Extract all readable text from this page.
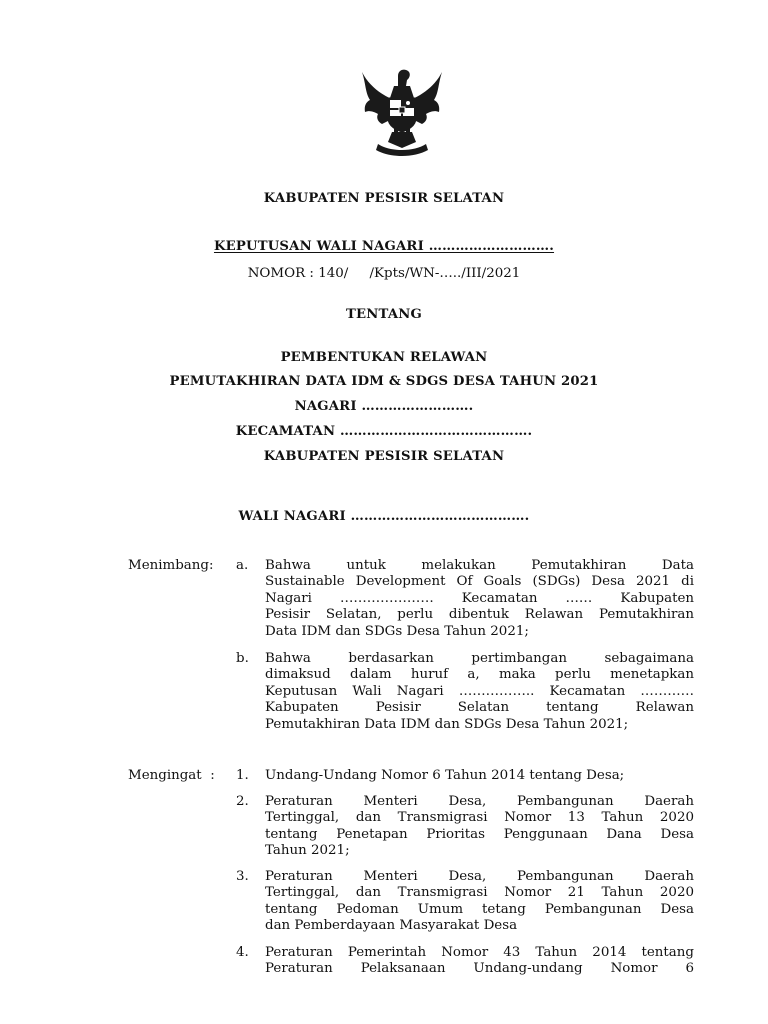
KABUPATEN PESISIR SELATAN
KEPUTUSAN WALI NAGARI ……………………….
NOMOR : 140/     /Kpts/WN-…../III/2021
TENTANG
PEMBENTUKAN RELAWAN
PEMUTAKHIRAN DATA IDM & SDGS DESA TAHUN 2021
NAGARI …………………….
KECAMATAN …………………………………….
KABUPATEN PESISIR SELATAN
WALI NAGARI ………………………………….
Menimbang: a. Bahwa untuk melakukan Pemutakhiran Data
Sustainable Development Of Goals (SDGs) Desa 2021 di
Nagari ………………… Kecamatan …… Kabupaten
Pesisir Selatan, perlu dibentuk Relawan Pemutakhiran
Data IDM dan SDGs Desa Tahun 2021;
b. Bahwa berdasarkan pertimbangan sebagaimana
dimaksud dalam huruf a, maka perlu menetapkan
Keputusan Wali Nagari …………….. Kecamatan …………
Kabupaten Pesisir Selatan tentang Relawan
Pemutakhiran Data IDM dan SDGs Desa Tahun 2021;
Mengingat  : 1. Undang-Undang Nomor 6 Tahun 2014 tentang Desa;
2. Peraturan Menteri Desa, Pembangunan Daerah
Tertinggal, dan Transmigrasi Nomor 13 Tahun 2020
tentang Penetapan Prioritas Penggunaan Dana Desa
Tahun 2021;
3. Peraturan Menteri Desa, Pembangunan Daerah
Tertinggal, dan Transmigrasi Nomor 21 Tahun 2020
tentang Pedoman Umum tetang Pembangunan Desa
dan Pemberdayaan Masyarakat Desa
4. Peraturan Pemerintah Nomor 43 Tahun 2014 tentang
Peraturan Pelaksanaan Undang-undang Nomor 6
